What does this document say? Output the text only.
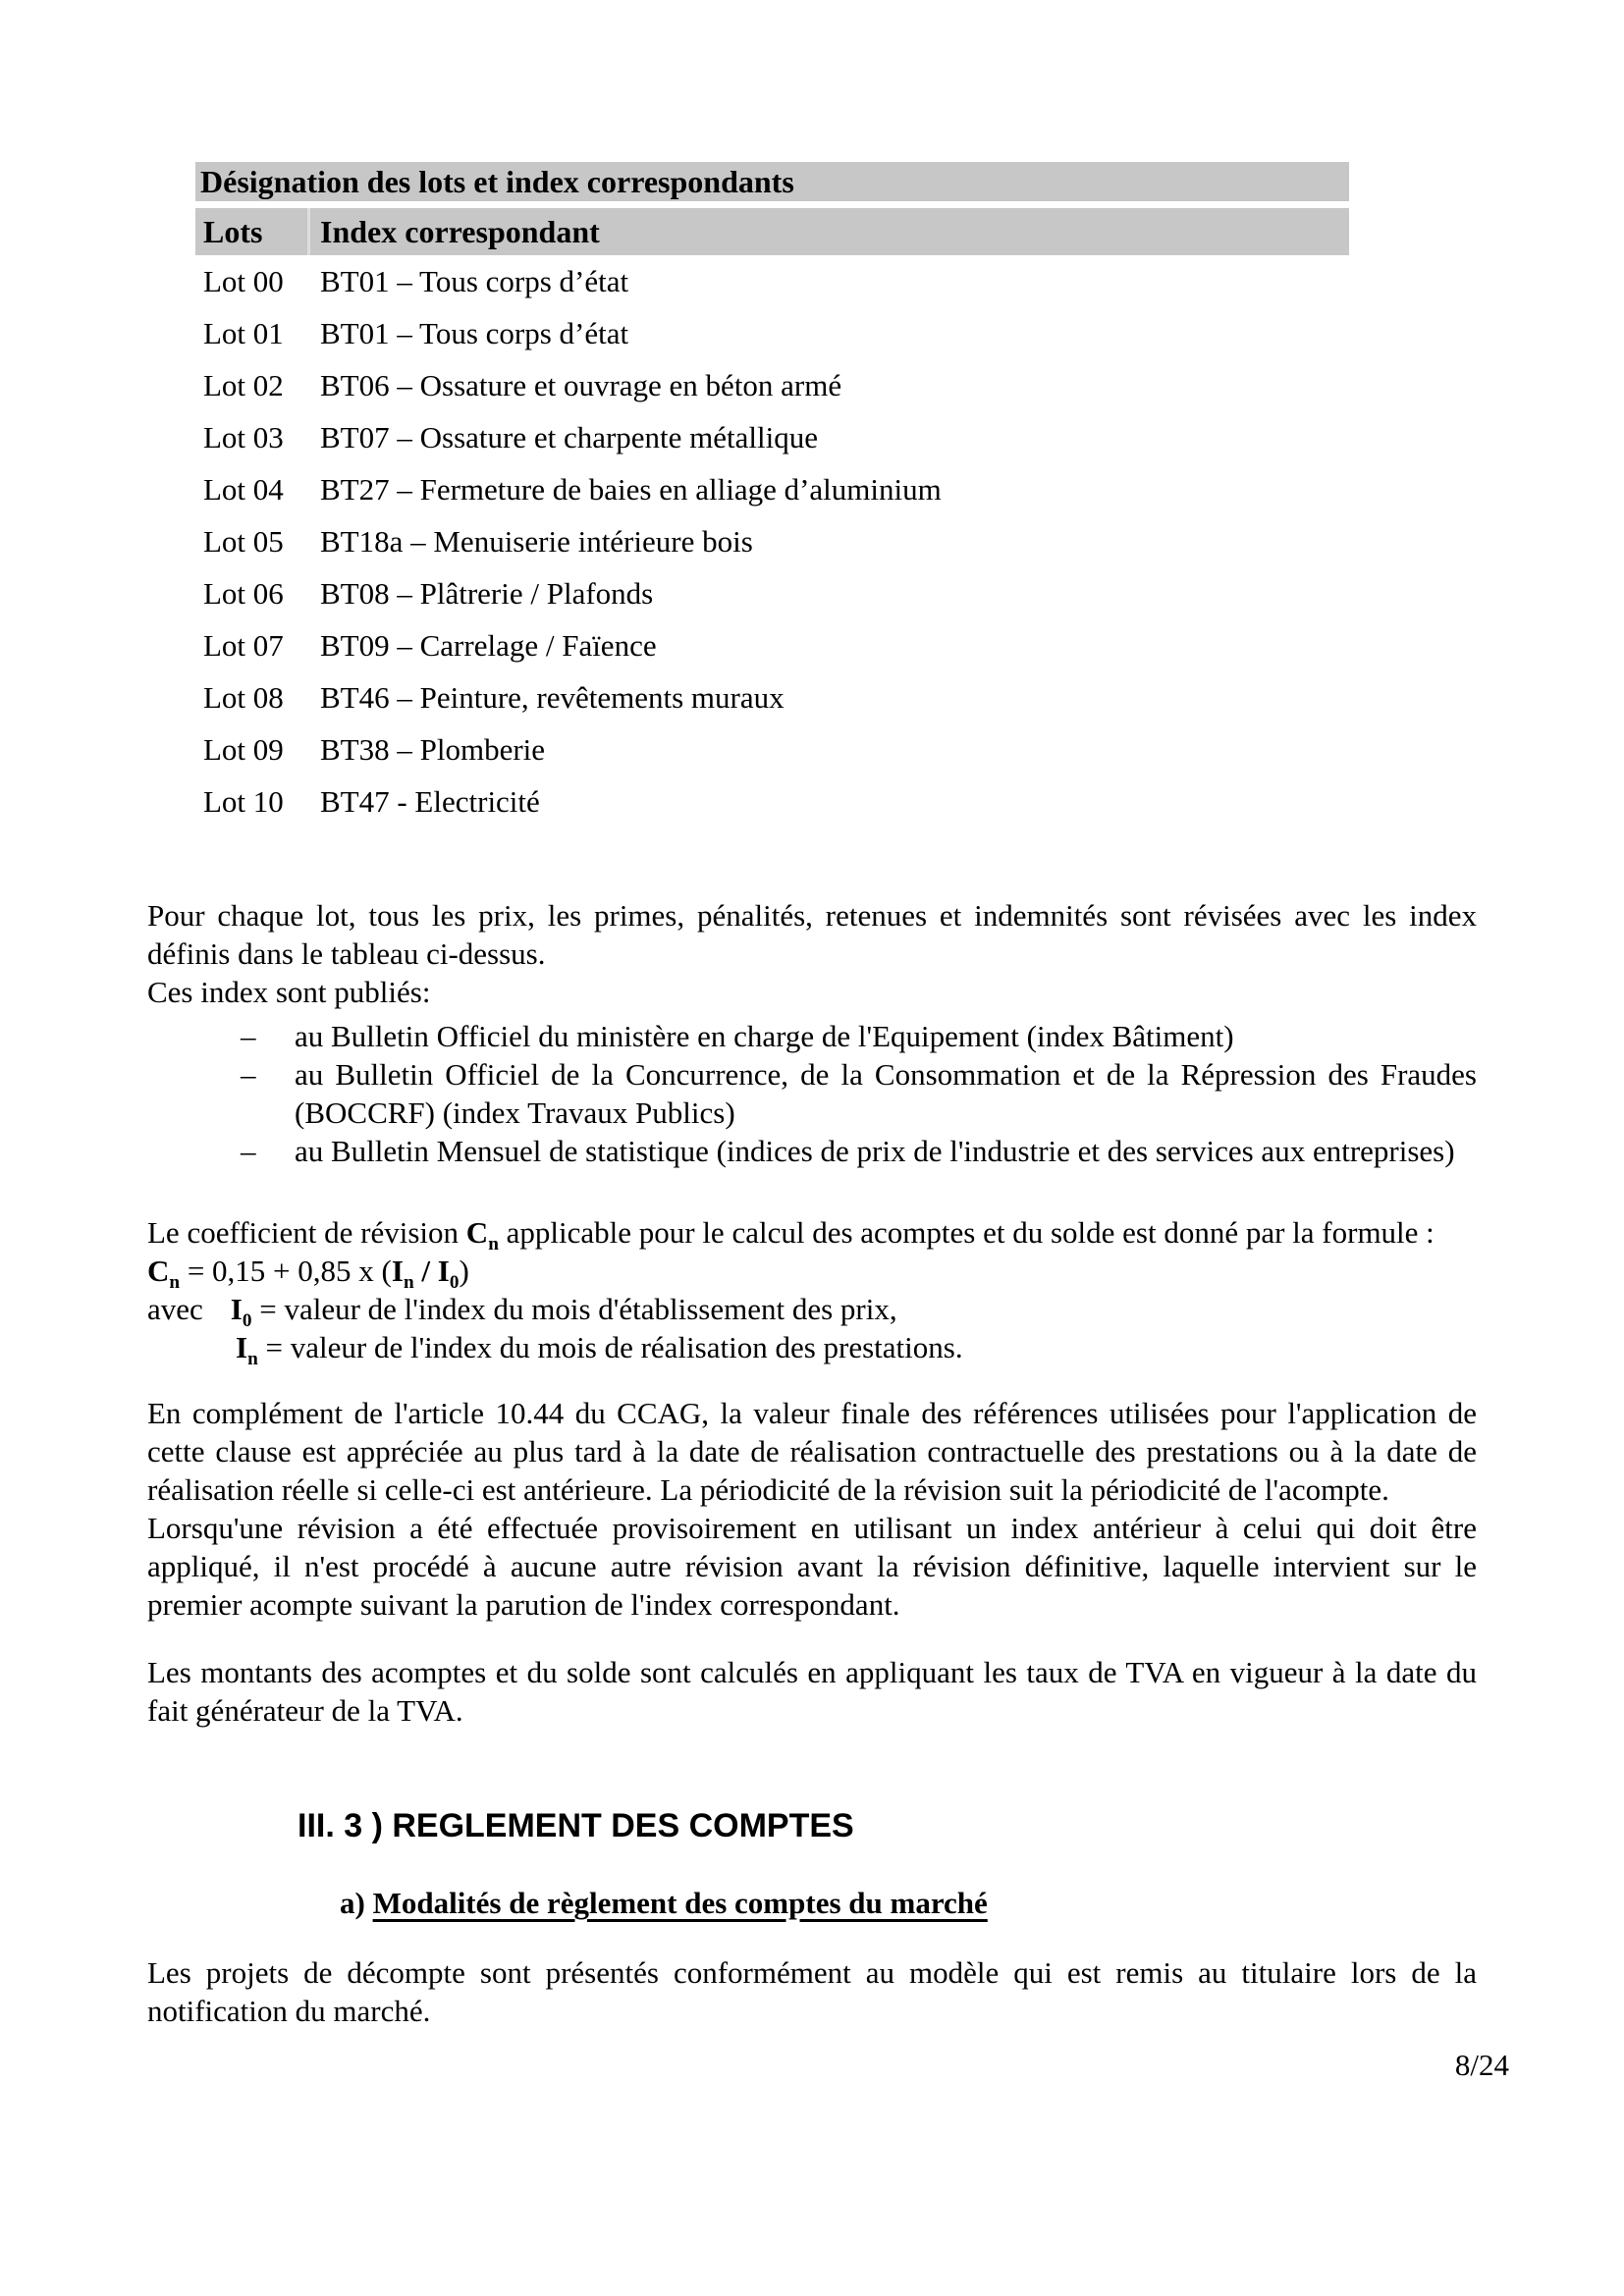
Désignation des lots et index correspondants
Lots	Index correspondant
Lot 00	BT01 – Tous corps d’état
Lot 01	BT01 – Tous corps d’état
Lot 02	BT06 – Ossature et ouvrage en béton armé
Lot 03	BT07 – Ossature et charpente métallique
Lot 04	BT27 – Fermeture de baies en alliage d’aluminium
Lot 05	BT18a – Menuiserie intérieure bois
Lot 06	BT08 – Plâtrerie / Plafonds
Lot 07	BT09 – Carrelage / Faïence
Lot 08	BT46 – Peinture, revêtements muraux
Lot 09	BT38 – Plomberie
Lot 10	BT47 - Electricité

Pour chaque lot, tous les prix, les primes, pénalités, retenues et indemnités sont révisées avec les index définis dans le tableau ci-dessus.

Ces index sont publiés:

– au Bulletin Officiel du ministère en charge de l'Equipement (index Bâtiment)
– au Bulletin Officiel de la Concurrence, de la Consommation et de la Répression des Fraudes (BOCCRF) (index Travaux Publics)
– au Bulletin Mensuel de statistique (indices de prix de l'industrie et des services aux entreprises)

Le coefficient de révision $C_n$ applicable pour le calcul des acomptes et du solde est donné par la formule :

$C_n = 0,15 + 0,85$ x $(I_n / I_0)$

avec $I_0$ = valeur de l'index du mois d'établissement des prix,

$I_n$ = valeur de l'index du mois de réalisation des prestations.

En complément de l'article 10.44 du CCAG, la valeur finale des références utilisées pour l'application de cette clause est appréciée au plus tard à la date de réalisation contractuelle des prestations ou à la date de réalisation réelle si celle-ci est antérieure. La périodicité de la révision suit la périodicité de l'acompte.

Lorsqu'une révision a été effectuée provisoirement en utilisant un index antérieur à celui qui doit être appliqué, il n'est procédé à aucune autre révision avant la révision définitive, laquelle intervient sur le premier acompte suivant la parution de l'index correspondant.

Les montants des acomptes et du solde sont calculés en appliquant les taux de TVA en vigueur à la date du fait générateur de la TVA.

III. 3 ) REGLEMENT DES COMPTES
a) Modalités de règlement des comptes du marché

Les projets de décompte sont présentés conformément au modèle qui est remis au titulaire lors de la notification du marché.

8/24
